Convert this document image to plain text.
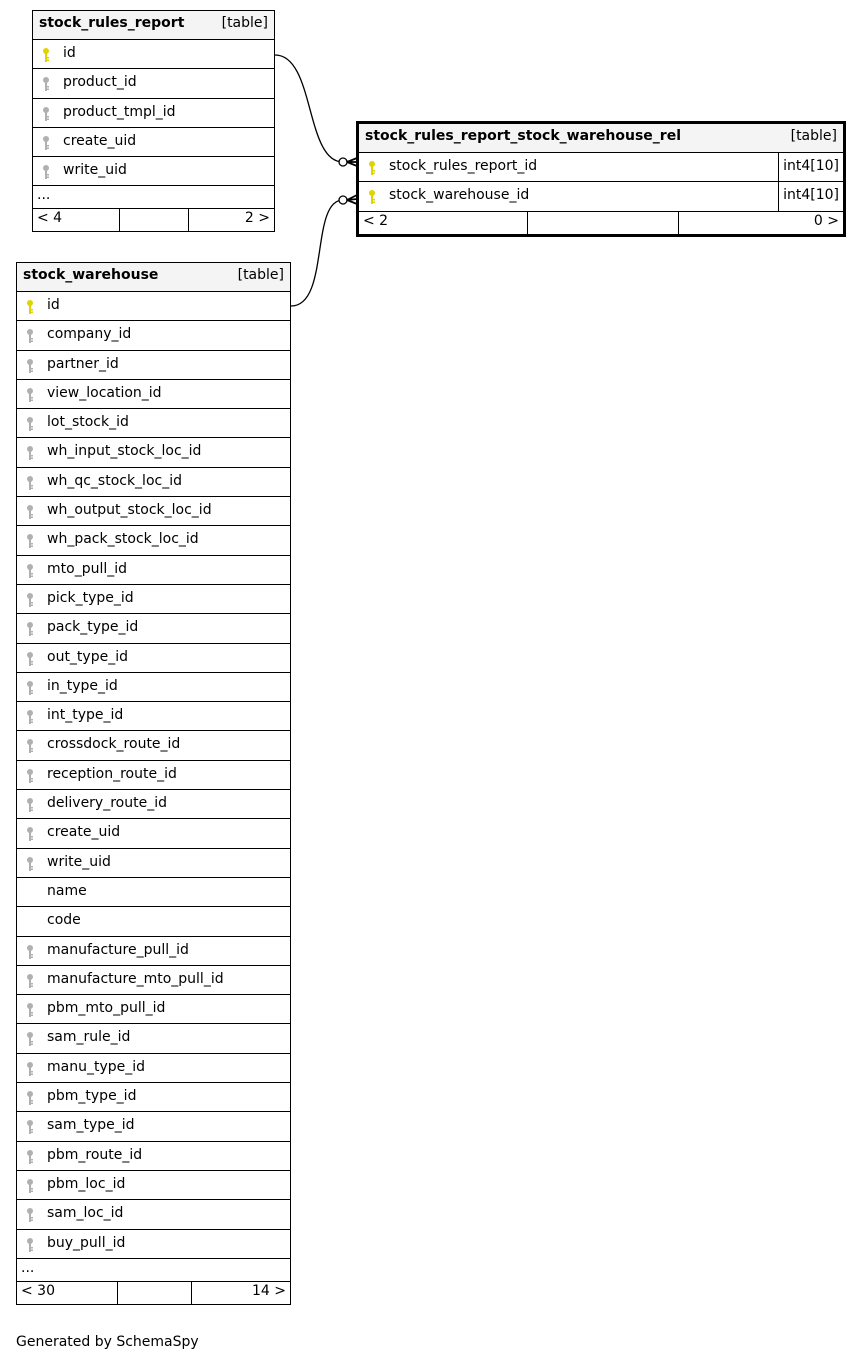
stock_rules_report	[table]
id
product_id
product_tmpl_id
create_uid
write_uid
...
< 4	2 >
stock_rules_report_stock_warehouse_rel	[table]
stock_rules_report_id	int4[10]
stock_warehouse_id	int4[10]
< 2	0 >
stock_warehouse	[table]
id
company_id
partner_id
view_location_id
lot_stock_id
wh_input_stock_loc_id
wh_qc_stock_loc_id
wh_output_stock_loc_id
wh_pack_stock_loc_id
mto_pull_id
pick_type_id
pack_type_id
out_type_id
in_type_id
int_type_id
crossdock_route_id
reception_route_id
delivery_route_id
create_uid
write_uid
name
code
manufacture_pull_id
manufacture_mto_pull_id
pbm_mto_pull_id
sam_rule_id
manu_type_id
pbm_type_id
sam_type_id
pbm_route_id
pbm_loc_id
sam_loc_id
buy_pull_id
...
< 30	14 >
Generated by SchemaSpy
